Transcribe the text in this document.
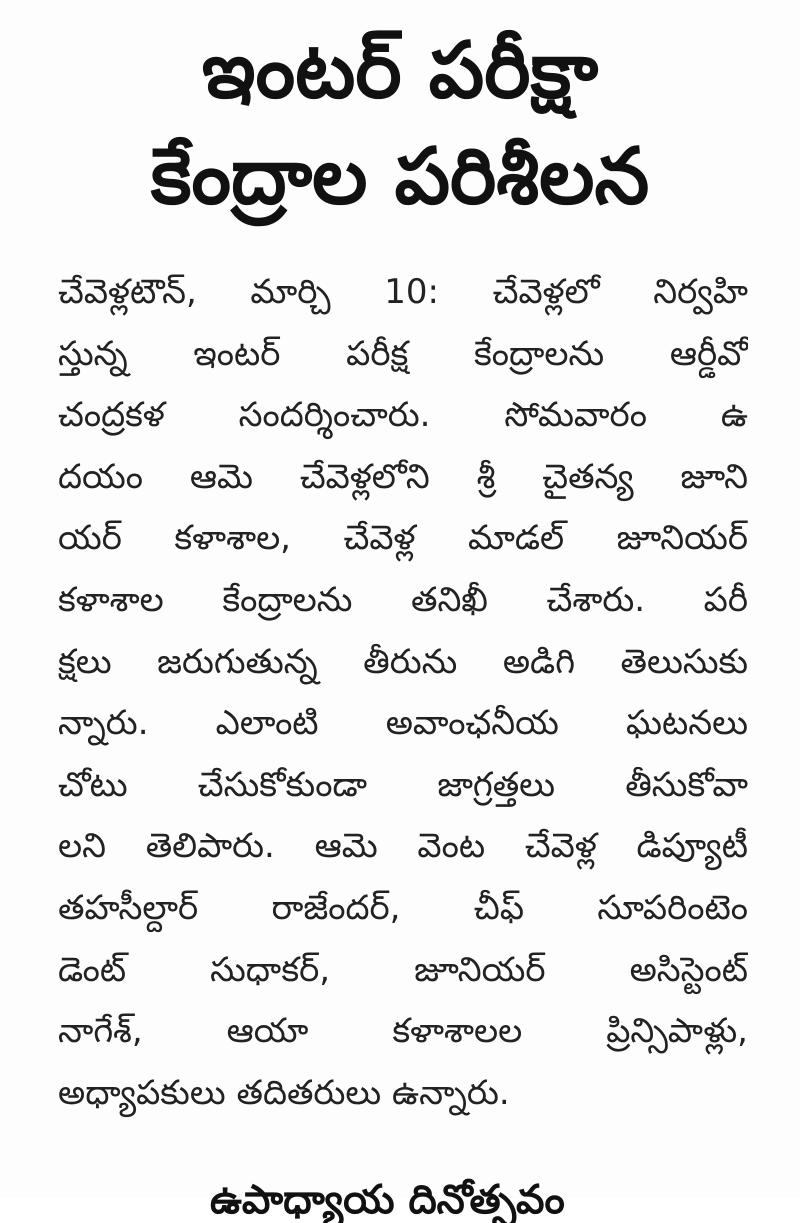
ఇంటర్ పరీక్షా
కేంద్రాల పరిశీలన
చేవెళ్లటౌన్, మార్చి 10: చేవెళ్లలో నిర్వహి
స్తున్న ఇంటర్ పరీక్ష కేంద్రాలను ఆర్డీవో
చంద్రకళ సందర్శించారు. సోమవారం ఉ
దయం ఆమె చేవెళ్లలోని శ్రీ చైతన్య జూని
యర్ కళాశాల, చేవెళ్ల మాడల్ జూనియర్
కళాశాల కేంద్రాలను తనిఖీ చేశారు. పరీ
క్షలు జరుగుతున్న తీరును అడిగి తెలుసుకు
న్నారు. ఎలాంటి అవాంఛనీయ ఘటనలు
చోటు చేసుకోకుండా జాగ్రత్తలు తీసుకోవా
లని తెలిపారు. ఆమె వెంట చేవెళ్ల డిప్యూటీ
తహసీల్దార్ రాజేందర్, చీఫ్ సూపరింటెం
డెంట్ సుధాకర్, జూనియర్ అసిస్టెంట్
నాగేశ్, ఆయా కళాశాలల ప్రిన్సిపాళ్లు,
అధ్యాపకులు తదితరులు ఉన్నారు.
ఉపాధ్యాయ దినోత్సవం
